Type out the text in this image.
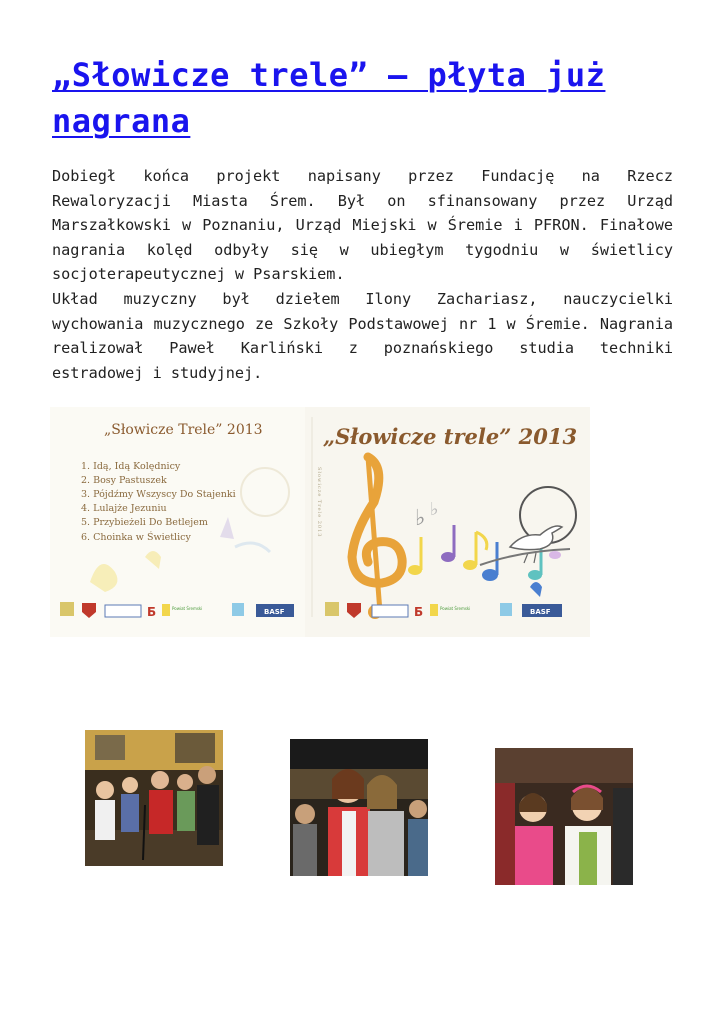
„Słowicze trele” – płyta już nagrana

Dobiegł końca projekt napisany przez Fundację na Rzecz Rewaloryzacji Miasta Śrem. Był on sfinansowany przez Urząd Marszałkowski w Poznaniu, Urząd Miejski w Śremie i PFRON. Finałowe nagrania kolęd odbyły się w ubiegłym tygodniu w świetlicy socjoterapeutycznej w Psarskiem.

Układ muzyczny był dziełem Ilony Zachariasz, nauczycielki wychowania muzycznego ze Szkoły Podstawowej nr 1 w Śremie. Nagrania realizował Paweł Karliński z poznańskiego studia techniki estradowej i studyjnej.

„Słowicze Trele” 2013
1. Idą, Idą Kolędnicy
2. Bosy Pastuszek
3. Pójdźmy Wszyscy Do Stajenki
4. Lulajże Jezuniu
5. Przybieżeli Do Betlejem
6. Choinka w Świetlicy
Słowicze Trele 2013
„Słowicze trele” 2013
♭ ♭
Б	Powiat Śremski	BASF	Б	Powiat Śremski	BASF
